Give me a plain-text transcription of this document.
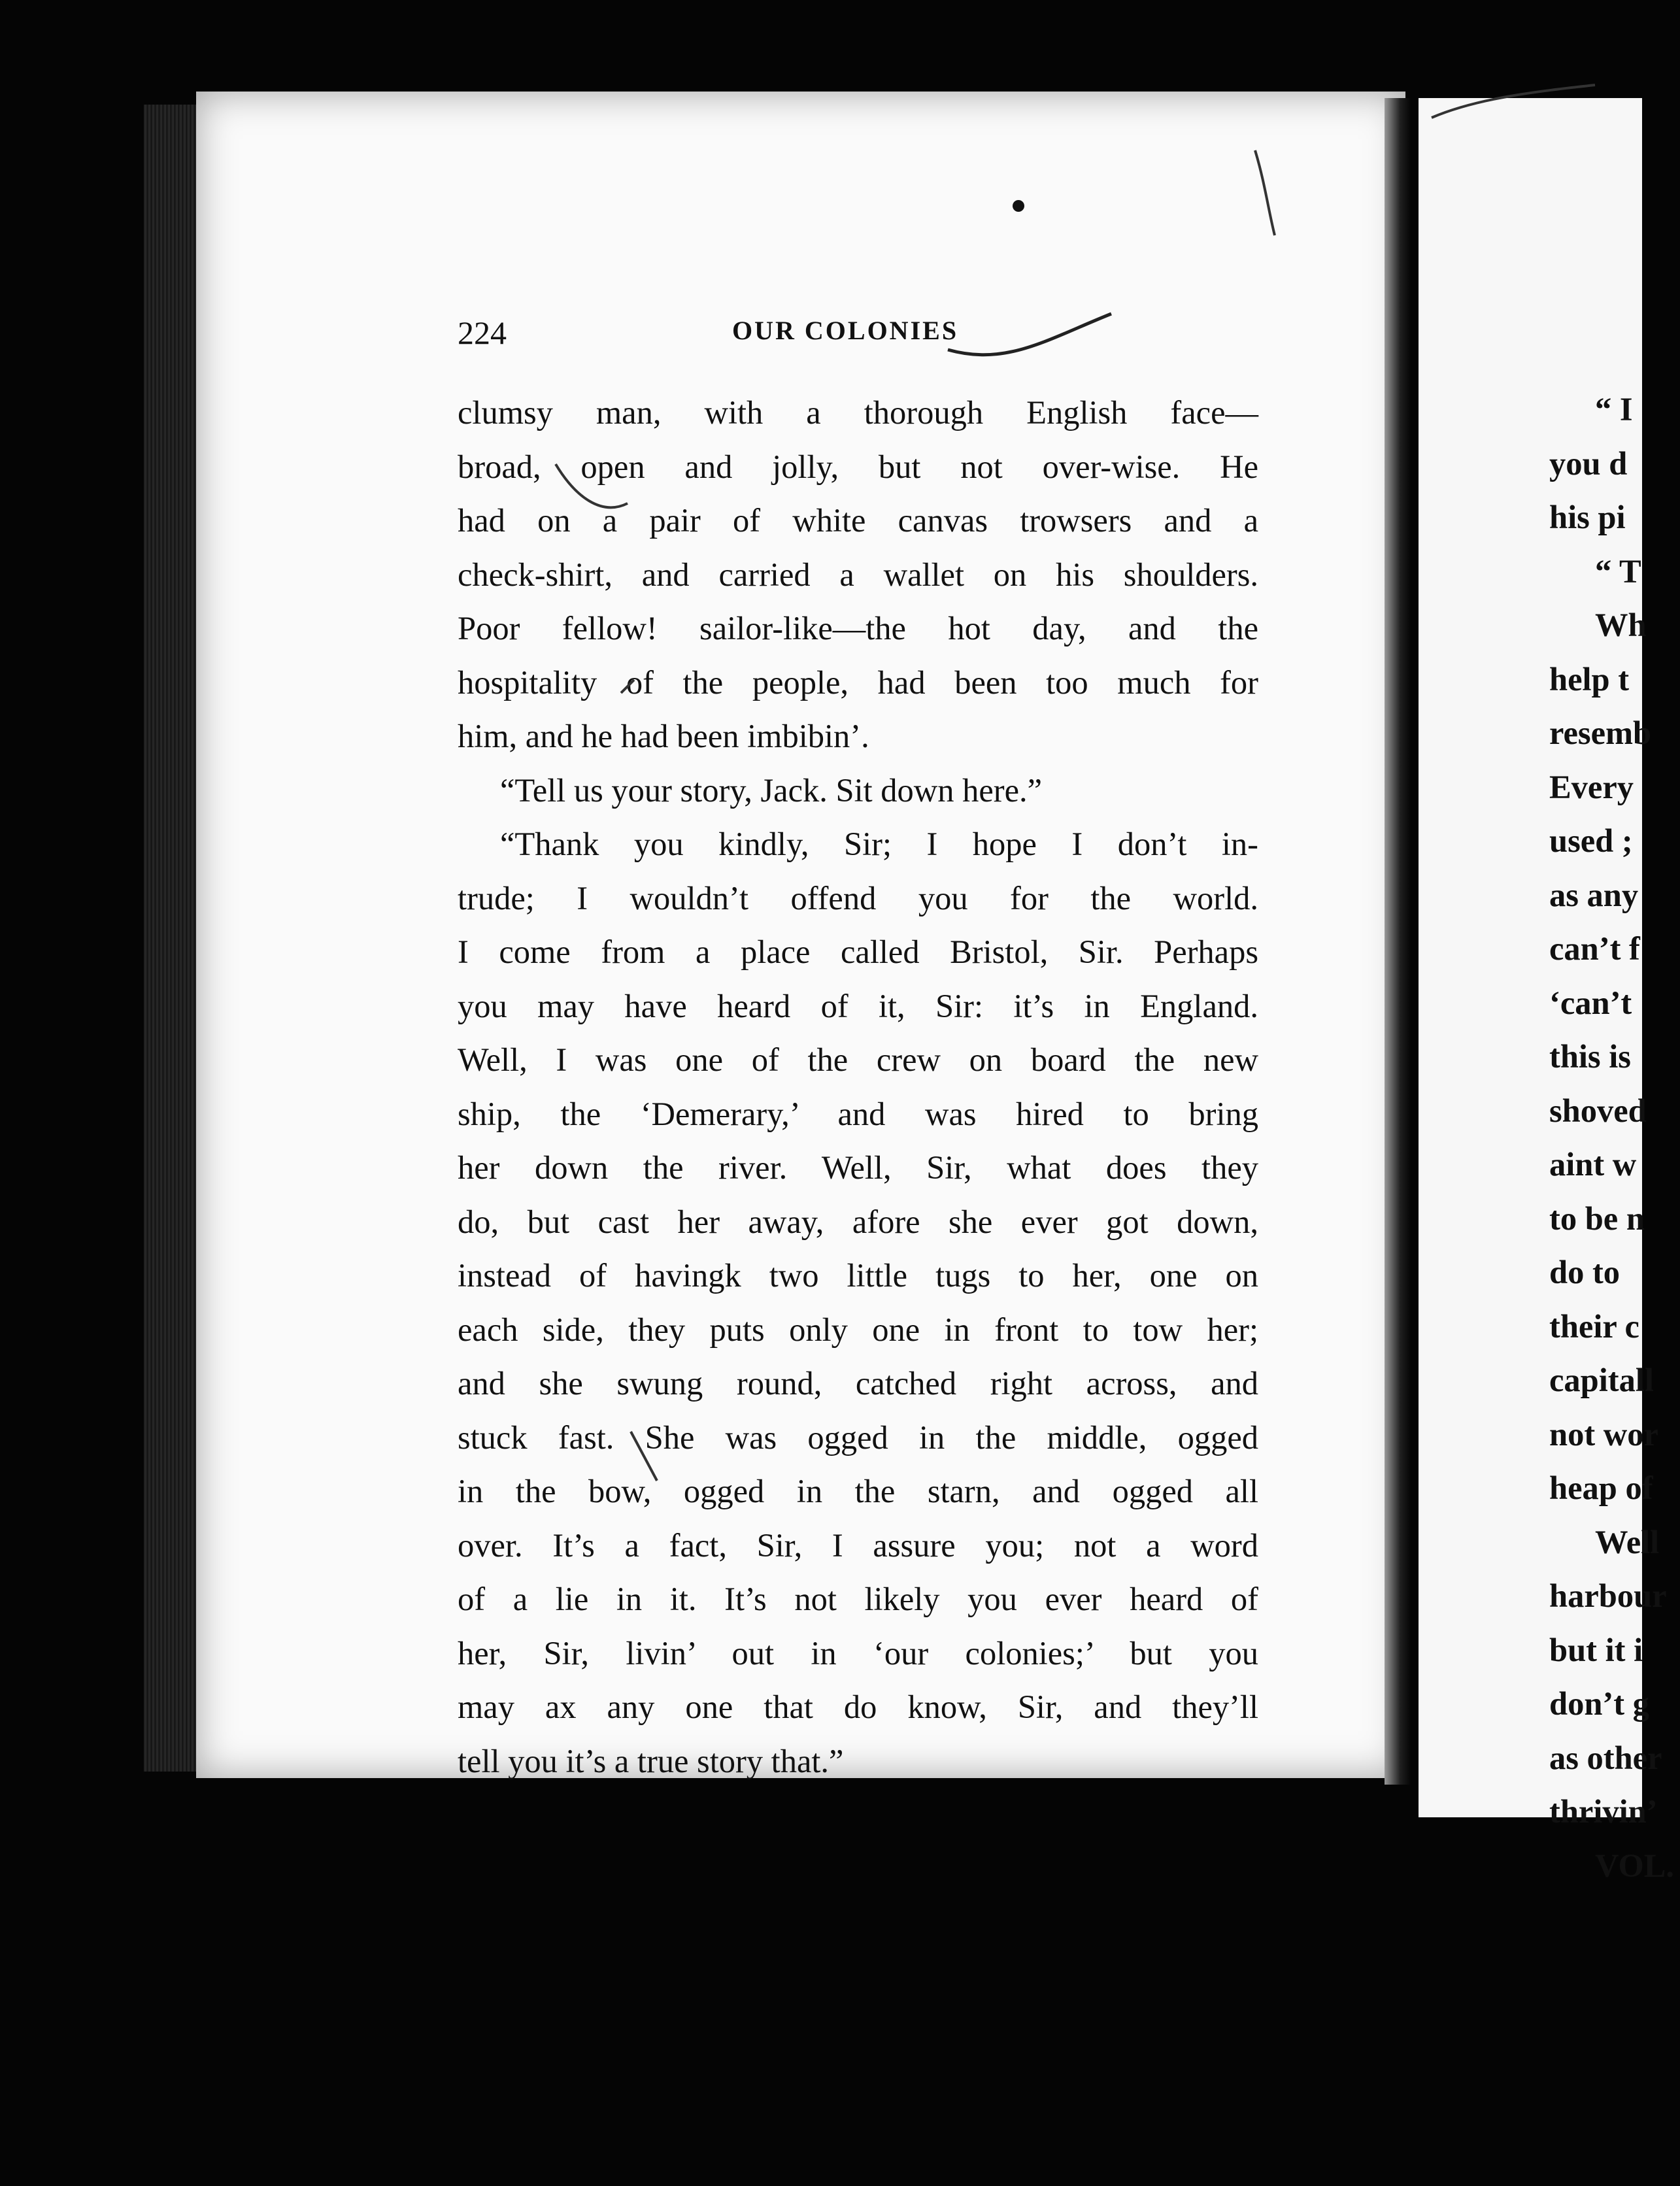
224	OUR COLONIES
clumsy man, with a thorough English face—
broad, open and jolly, but not over-wise. He
had on a pair of white canvas trowsers and a
check-shirt, and carried a wallet on his shoulders.
Poor fellow! sailor-like—the hot day, and the
hospitality of the people, had been too much for
him, and he had been imbibin’.
“Tell us your story, Jack. Sit down here.”
“Thank you kindly, Sir; I hope I don’t in-
trude; I wouldn’t offend you for the world.
I come from a place called Bristol, Sir. Perhaps
you may have heard of it, Sir: it’s in England.
Well, I was one of the crew on board the new
ship, the ‘Demerary,’ and was hired to bring
her down the river. Well, Sir, what does they
do, but cast her away, afore she ever got down,
instead of havingk two little tugs to her, one on
each side, they puts only one in front to tow her;
and she swung round, catched right across, and
stuck fast. She was ogged in the middle, ogged
in the bow, ogged in the starn, and ogged all
over. It’s a fact, Sir, I assure you; not a word
of a lie in it. It’s not likely you ever heard of
her, Sir, livin’ out in ‘our colonies;’ but you
may ax any one that do know, Sir, and they’ll
tell you it’s a true story that.”
“ I
you d
his pi
“ T
Wh
help t
resemb
Every
used ;
as any
can’t f
‘can’t
this is
shoved
aint w
to be n
do to
their c
capitall
not wor
heap of
Well
harbour
but it i
don’t g
as other
thrivin’
VOL.
